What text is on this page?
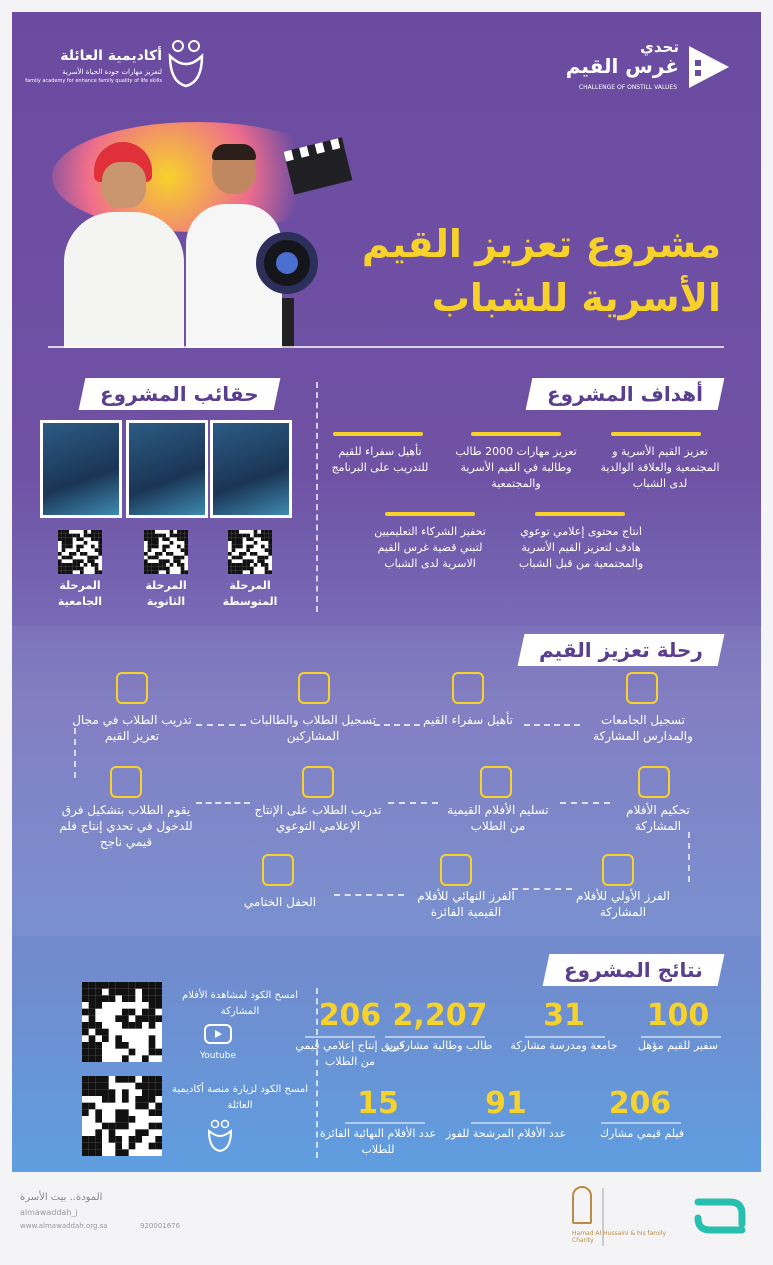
تحدي
غرس القيم
CHALLENGE OF ONSTILL VALUES
أكاديمية العائلة
لتعزيز مهارات جودة الحياة الأسرية
family academy for enhance family quality of life skills
مشروع تعزيز القيم
الأسرية للشباب
أهداف المشروع
تعزيز القيم الأسرية و المجتمعية والعلاقة الوالدية لدى الشباب
تعزيز مهارات 2000 طالب وطالبة في القيم الأسرية والمجتمعية
تأهيل سفراء للقيم للتدريب على البرنامج
انتاج محتوى إعلامي توعوي هادف لتعزيز القيم الأسرية والمجتمعية من قبل الشباب
تحفيز الشركاء التعليميين لتبني قضية غرس القيم الاسرية لدى الشباب
حقائب المشروع
المرحلة المتوسطة
المرحلة الثانوية
المرحلة الجامعية
رحلة تعزيز القيم
تسجيل الجامعات والمدارس المشاركة
تأهيل سفراء القيم
تسجيل الطلاب والطالبات المشاركين
تدريب الطلاب في مجال تعزيز القيم
تحكيم الأفلام المشاركة
تسليم الأفلام القيمية من الطلاب
تدريب الطلاب على الإنتاج الإعلامي التوعوي
يقوم الطلاب بتشكيل فرق للدخول في تحدي إنتاج فلم قيمي ناجح
الفرز الأولي للأفلام المشاركة
الفرز النهائي للأفلام القيمية الفائزة
الحفل الختامي
نتائج المشروع
100
سفير للقيم مؤهل
31
جامعة ومدرسة مشاركة
2,207
طالب وطالبة مشاركين
206
فريق إنتاج إعلامي قيمي من الطلاب
206
فيلم قيمي مشارك
91
عدد الأفلام المرشحة للفوز
15
عدد الأفلام النهائية الفائزة للطلاب
امسح الكود لمشاهدة الأفلام المشاركة
Youtube
امسح الكود لزيارة منصة أكاديمية العائلة
المودة.. بيت الأسرة
almawaddah_j
www.almawaddah.org.sa	920001676
Hamad Al Hussaini & his family Charity
